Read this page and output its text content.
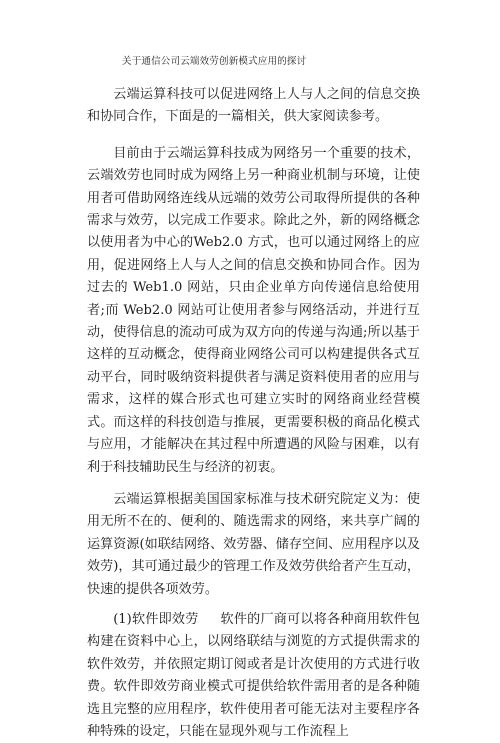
关于通信公司云端效劳创新模式应用的探讨

云端运算科技可以促进网络上人与人之间的信息交换和协同合作，下面是的一篇相关，供大家阅读参考。

目前由于云端运算科技成为网络另一个重要的技术，云端效劳也同时成为网络上另一种商业机制与环境，让使用者可借助网络连线从远端的效劳公司取得所提供的各种需求与效劳，以完成工作要求。除此之外，新的网络概念以使用者为中心的Web2.0 方式，也可以通过网络上的应用，促进网络上人与人之间的信息交换和协同合作。因为过去的 Web1.0 网站，只由企业单方向传递信息给使用者;而 Web2.0 网站可让使用者参与网络活动，并进行互动，使得信息的流动可成为双方向的传递与沟通;所以基于这样的互动概念，使得商业网络公司可以构建提供各式互动平台，同时吸纳资料提供者与满足资料使用者的应用与需求，这样的媒合形式也可建立实时的网络商业经营模式。而这样的科技创造与推展，更需要积极的商品化模式与应用，才能解决在其过程中所遭遇的风险与困难，以有利于科技辅助民生与经济的初衷。

云端运算根据美国国家标准与技术研究院定义为：使用无所不在的、便利的、随选需求的网络，来共享广阔的运算资源(如联结网络、效劳器、储存空间、应用程序以及效劳)，其可通过最少的管理工作及效劳供给者产生互动，快速的提供各项效劳。

(1)软件即效劳 软件的厂商可以将各种商用软件包构建在资料中心上，以网络联结与浏览的方式提供需求的软件效劳，并依照定期订阅或者是计次使用的方式进行收费。软件即效劳商业模式可提供给软件需用者的是各种随选且完整的应用程序，软件使用者可能无法对主要程序各种特殊的设定，只能在显现外观与工作流程上
